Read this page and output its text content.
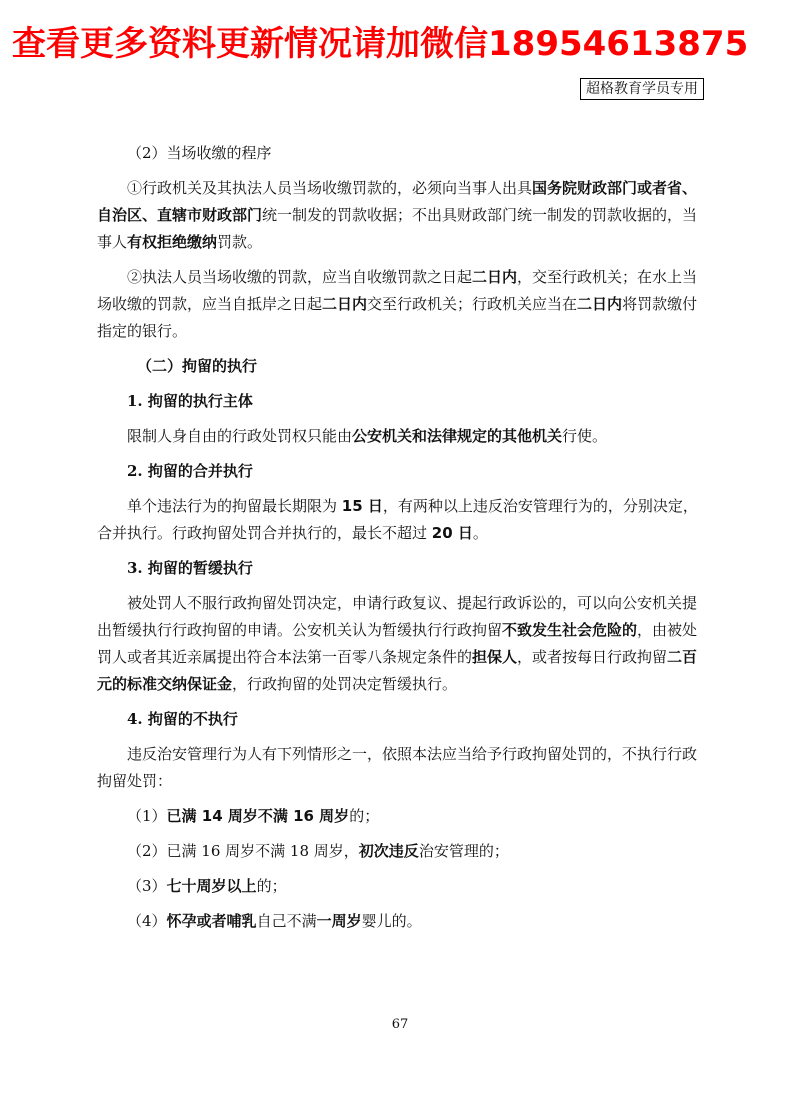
查看更多资料更新情况请加微信18954613875
超格教育学员专用

（2）当场收缴的程序

①行政机关及其执法人员当场收缴罚款的，必须向当事人出具国务院财政部门或者省、自治区、直辖市财政部门统一制发的罚款收据；不出具财政部门统一制发的罚款收据的，当事人有权拒绝缴纳罚款。

②执法人员当场收缴的罚款，应当自收缴罚款之日起二日内，交至行政机关；在水上当场收缴的罚款，应当自抵岸之日起二日内交至行政机关；行政机关应当在二日内将罚款缴付指定的银行。

（二）拘留的执行

1. 拘留的执行主体

限制人身自由的行政处罚权只能由公安机关和法律规定的其他机关行使。

2. 拘留的合并执行

单个违法行为的拘留最长期限为 15 日，有两种以上违反治安管理行为的，分别决定，合并执行。行政拘留处罚合并执行的，最长不超过 20 日。

3. 拘留的暂缓执行

被处罚人不服行政拘留处罚决定，申请行政复议、提起行政诉讼的，可以向公安机关提出暂缓执行行政拘留的申请。公安机关认为暂缓执行行政拘留不致发生社会危险的，由被处罚人或者其近亲属提出符合本法第一百零八条规定条件的担保人，或者按每日行政拘留二百元的标准交纳保证金，行政拘留的处罚决定暂缓执行。

4. 拘留的不执行

违反治安管理行为人有下列情形之一，依照本法应当给予行政拘留处罚的，不执行行政拘留处罚：

（1）已满 14 周岁不满 16 周岁的；

（2）已满 16 周岁不满 18 周岁，初次违反治安管理的；

（3）七十周岁以上的；

（4）怀孕或者哺乳自己不满一周岁婴儿的。

67
